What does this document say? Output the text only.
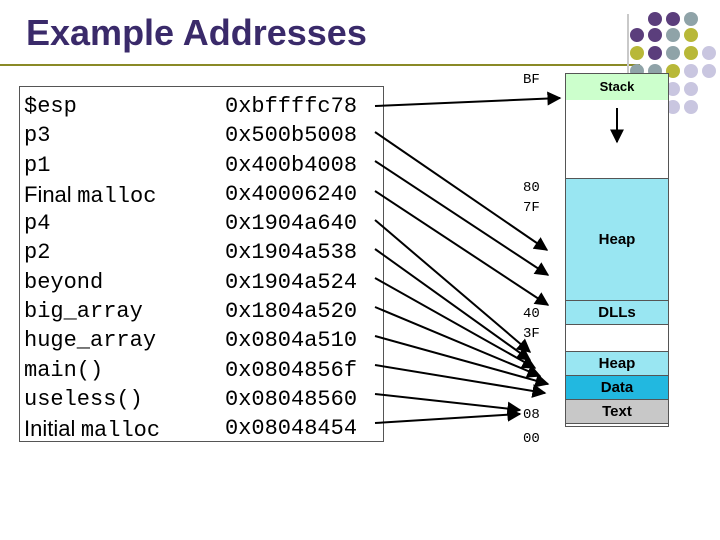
Example Addresses
$esp
p3
p1
Final malloc
p4
p2
beyond
big_array
huge_array
main()
useless()
Initial malloc
0xbffffc78
0x500b5008
0x400b4008
0x40006240
0x1904a640
0x1904a538
0x1904a524
0x1804a520
0x0804a510
0x0804856f
0x08048560
0x08048454
BF
80
7F
40
3F
08
00
Stack
Heap
DLLs
Heap
Data
Text
